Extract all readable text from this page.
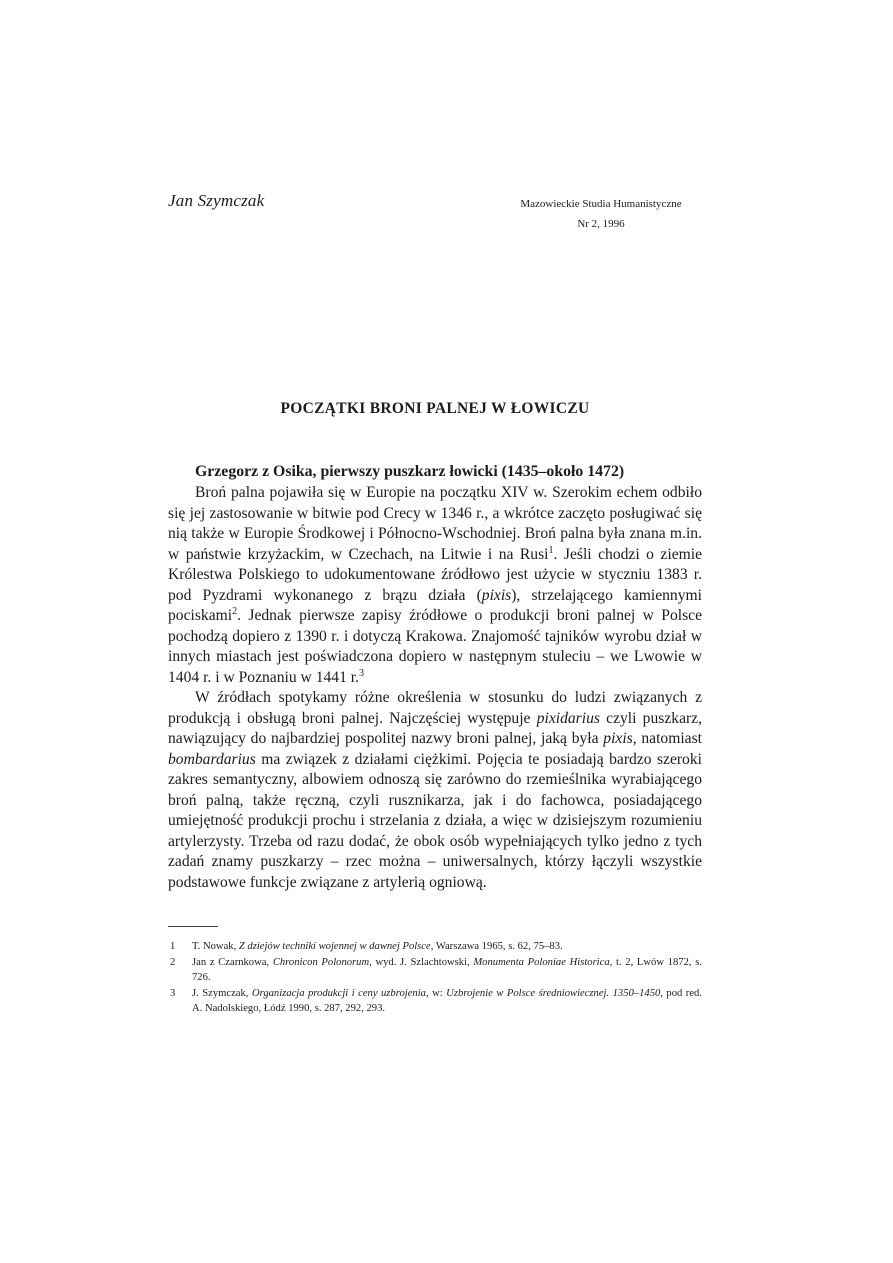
Jan Szymczak	Mazowieckie Studia Humanistyczne
Nr 2, 1996
POCZĄTKI BRONI PALNEJ W ŁOWICZU

Grzegorz z Osika, pierwszy puszkarz łowicki (1435–około 1472)

Broń palna pojawiła się w Europie na początku XIV w. Szerokim echem odbiło się jej zastosowanie w bitwie pod Crecy w 1346 r., a wkrótce zaczęto posługiwać się nią także w Europie Środkowej i Północno-Wschodniej. Broń palna była znana m.in. w państwie krzyżackim, w Czechach, na Litwie i na Rusi$^1$. Jeśli chodzi o ziemie Królestwa Polskiego to udokumentowane źródłowo jest użycie w styczniu 1383 r. pod Pyzdrami wykonanego z brązu działa (pixis), strzelającego kamiennymi pociskami$^2$. Jednak pierwsze zapisy źródłowe o produkcji broni palnej w Polsce pochodzą dopiero z 1390 r. i dotyczą Krakowa. Znajomość tajników wyrobu dział w innych miastach jest poświadczona dopiero w następnym stuleciu – we Lwowie w 1404 r. i w Poznaniu w 1441 r.$^3$

W źródłach spotykamy różne określenia w stosunku do ludzi związanych z produkcją i obsługą broni palnej. Najczęściej występuje pixidarius czyli puszkarz, nawiązujący do najbardziej pospolitej nazwy broni palnej, jaką była pixis, natomiast bombardarius ma związek z działami ciężkimi. Pojęcia te posiadają bardzo szeroki zakres semantyczny, albowiem odnoszą się zarówno do rzemieślnika wyrabiającego broń palną, także ręczną, czyli rusznikarza, jak i do fachowca, posiadającego umiejętność produkcji prochu i strzelania z działa, a więc w dzisiejszym rozumieniu artylerzysty. Trzeba od razu dodać, że obok osób wypełniających tylko jedno z tych zadań znamy puszkarzy – rzec można – uniwersalnych, którzy łączyli wszystkie podstawowe funkcje związane z artylerią ogniową.

1	T. Nowak, Z dziejów techniki wojennej w dawnej Polsce, Warszawa 1965, s. 62, 75–83.
2	Jan z Czarnkowa, Chronicon Polonorum, wyd. J. Szlachtowski, Monumenta Poloniae Historica, t. 2, Lwów 1872, s. 726.
3	J. Szymczak, Organizacja produkcji i ceny uzbrojenia, w: Uzbrojenie w Polsce średniowiecznej. 1350–1450, pod red. A. Nadolskiego, Łódź 1990, s. 287, 292, 293.
